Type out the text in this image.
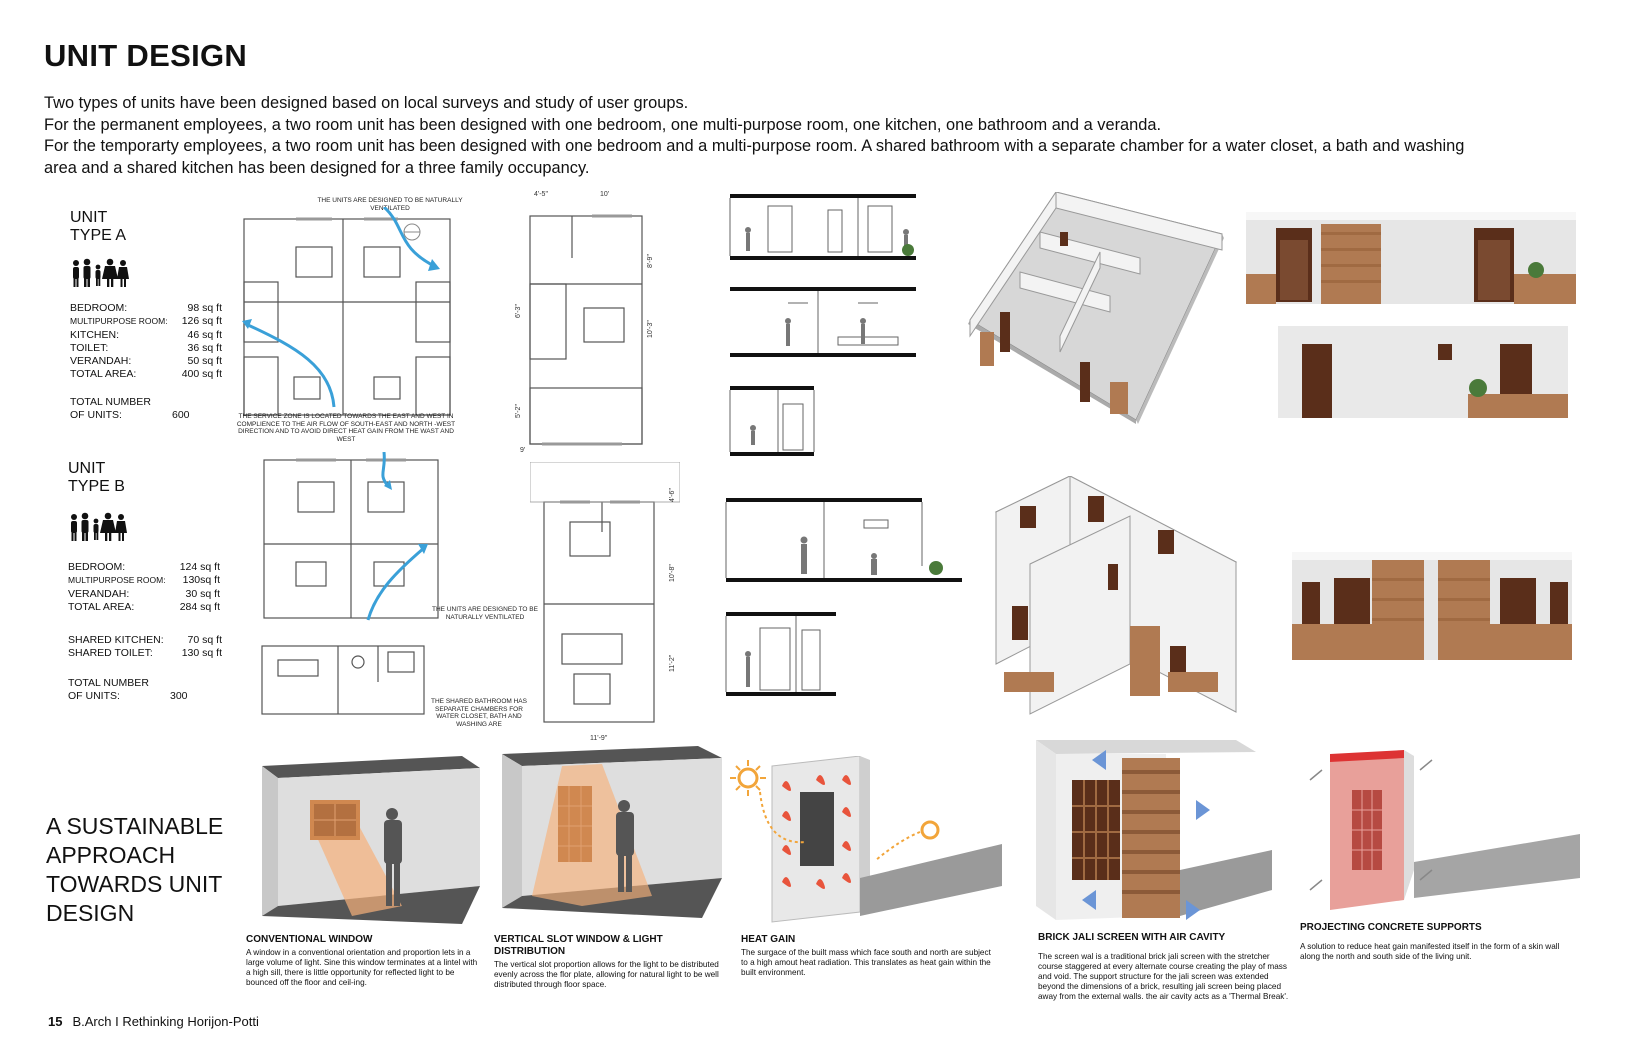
UNIT DESIGN
Two types of units have been designed based on local surveys and study of user groups.
For the permanent employees, a two room unit has been designed with one bedroom, one multi-purpose room, one kitchen, one bathroom and a veranda.
For the temporarty employees, a two room unit has been designed with one bedroom and a multi-purpose room. A shared bathroom with a separate chamber for a water closet, a bath and washing
area and a shared kitchen has been designed for a three family occupancy.
UNIT
TYPE A
BEDROOM:	98 sq ft
MULTIPURPOSE ROOM:	126 sq ft
KITCHEN:	46 sq ft
TOILET:	36 sq ft
VERANDAH:	50 sq ft
TOTAL AREA:	400 sq ft
TOTAL NUMBER
OF UNITS:	600
UNIT
TYPE B
BEDROOM:	124 sq ft
MULTIPURPOSE ROOM:	130sq ft
VERANDAH:	30 sq ft
TOTAL AREA:	284 sq ft
SHARED KITCHEN:	70 sq ft
SHARED TOILET:	130 sq ft
TOTAL NUMBER
OF UNITS:	300
THE UNITS ARE DESIGNED TO BE NATURALLY VENTILATED
THE SERVICE ZONE IS LOCATED TOWARDS THE EAST AND WEST IN COMPLIENCE TO THE AIR FLOW OF SOUTH-EAST AND NORTH -WEST DIRECTION AND TO AVOID DIRECT HEAT GAIN FROM THE WAST AND WEST
4'-5"	10'
9'
8'-9"
6'-3"
10'-3"
5'-2"
THE UNITS ARE DESIGNED TO BE NATURALLY VENTILATED
THE SHARED BATHROOM HAS SEPARATE CHAMBERS FOR WATER CLOSET, BATH AND WASHING ARE
4'-6"
10'-8"
11'-2"
11'-9"
A SUSTAINABLE
APPROACH
TOWARDS UNIT
DESIGN
CONVENTIONAL WINDOW
A window in a conventional orientation and proportion lets in a large volume of light. Sine this window terminates at a lintel with a high sill, there is little opportunity for reflected light to be bounced off the floor and ceil-ing.
VERTICAL SLOT WINDOW & LIGHT DISTRIBUTION
The vertical slot proportion allows for the light to be distributed evenly across the flor plate, allowing for natural light to be well distributed through floor space.
HEAT GAIN
The surgace of the built mass which face south and north are subject to a high amout heat radiation. This translates as heat gain within the built environment.
BRICK JALI SCREEN WITH AIR CAVITY
The screen wal is a traditional brick jali screen with the stretcher course staggered at every alternate course creating the play of mass and void. The support structure for the jali screen was extended beyond the dimensions of a brick, resulting jali screen being placed away from the external walls. the air cavity acts as a 'Thermal Break'.
PROJECTING CONCRETE SUPPORTS
A solution to reduce heat gain manifested itself in the form of a skin wall along the north and south side of the living unit.
15 B.Arch I Rethinking Horijon-Potti
